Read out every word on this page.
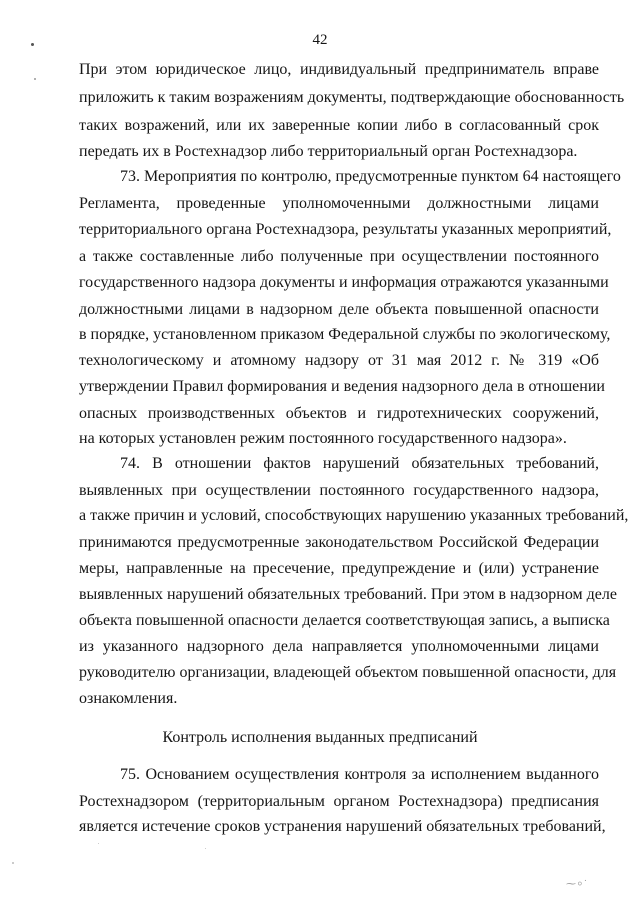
42
При этом юридическое лицо, индивидуальный предприниматель вправе
приложить к таким возражениям документы, подтверждающие обоснованность
таких возражений, или их заверенные копии либо в согласованный срок
передать их в Ростехнадзор либо территориальный орган Ростехнадзора.
73. Мероприятия по контролю, предусмотренные пунктом 64 настоящего
Регламента, проведенные уполномоченными должностными лицами
территориального органа Ростехнадзора, результаты указанных мероприятий,
а также составленные либо полученные при осуществлении постоянного
государственного надзора документы и информация отражаются указанными
должностными лицами в надзорном деле объекта повышенной опасности
в порядке, установленном приказом Федеральной службы по экологическому,
технологическому и атомному надзору от 31 мая 2012 г. № 319 «Об
утверждении Правил формирования и ведения надзорного дела в отношении
опасных производственных объектов и гидротехнических сооружений,
на которых установлен режим постоянного государственного надзора».
74. В отношении фактов нарушений обязательных требований,
выявленных при осуществлении постоянного государственного надзора,
а также причин и условий, способствующих нарушению указанных требований,
принимаются предусмотренные законодательством Российской Федерации
меры, направленные на пресечение, предупреждение и (или) устранение
выявленных нарушений обязательных требований. При этом в надзорном деле
объекта повышенной опасности делается соответствующая запись, а выписка
из указанного надзорного дела направляется уполномоченными лицами
руководителю организации, владеющей объектом повышенной опасности, для
ознакомления.
Контроль исполнения выданных предписаний
75. Основанием осуществления контроля за исполнением выданного
Ростехнадзором (территориальным органом Ростехнадзора) предписания
является истечение сроков устранения нарушений обязательных требований,
⁓⸰˙
